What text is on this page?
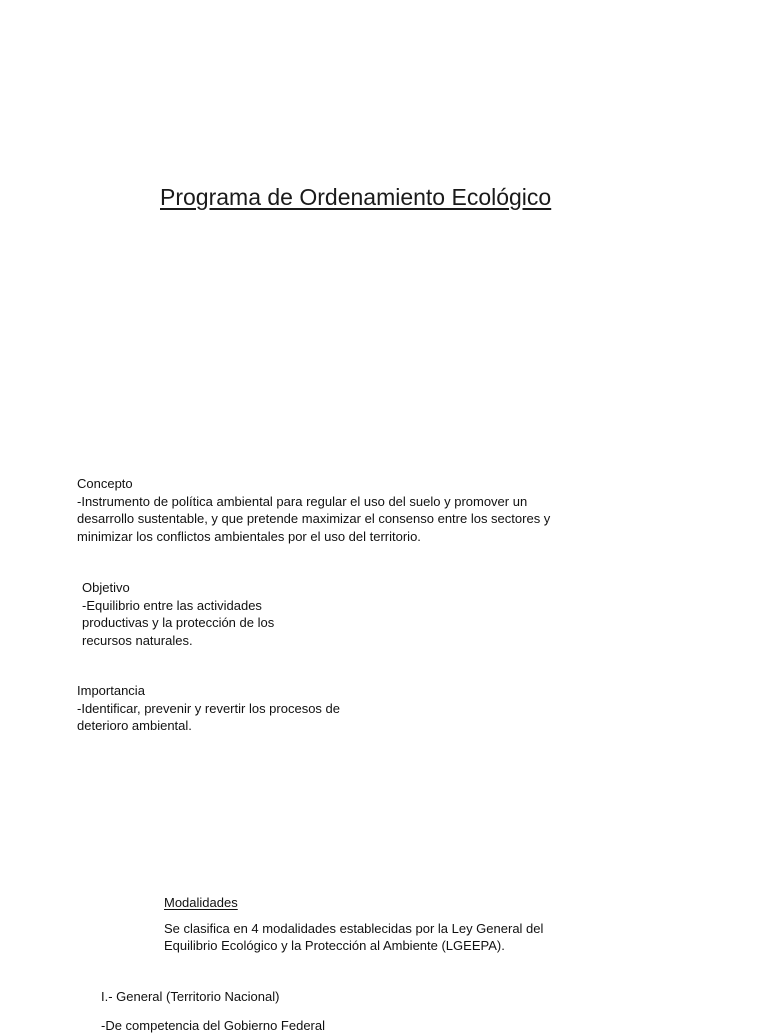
Programa de Ordenamiento Ecológico

Concepto

-Instrumento de política ambiental para regular el uso del suelo y promover un

desarrollo sustentable, y que pretende maximizar el consenso entre los sectores y

minimizar los conflictos ambientales por el uso del territorio.

Objetivo

-Equilibrio entre las actividades

productivas y la protección de los

recursos naturales.

Importancia

-Identificar, prevenir y revertir los procesos de

deterioro ambiental.

Modalidades

Se clasifica en 4 modalidades establecidas por la Ley General del

Equilibrio Ecológico y la Protección al Ambiente (LGEEPA).

I.- General (Territorio Nacional)

-De competencia del Gobierno Federal
